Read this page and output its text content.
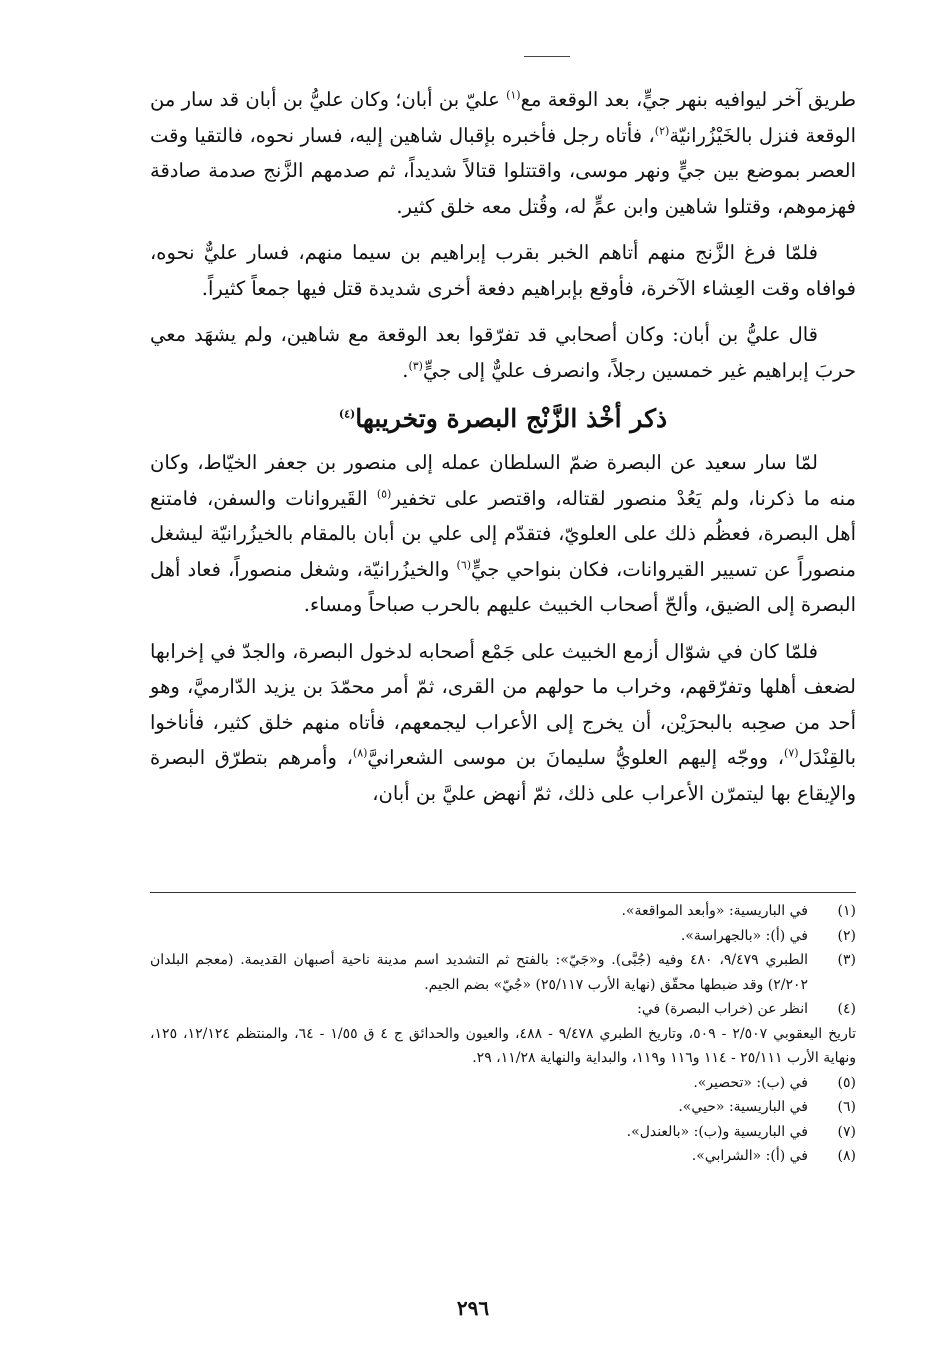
طريق آخر ليوافيه بنهر جيٍّ، بعد الوقعة مع$^{(١)}$ عليّ بن أبان؛ وكان عليُّ بن أبان قد سار من الوقعة فنزل بالخَيْزُرانيّة$^{(٢)}$، فأتاه رجل فأخبره بإقبال شاهين إليه، فسار نحوه، فالتقيا وقت العصر بموضع بين جيٍّ ونهر موسى، واقتتلوا قتالاً شديداً، ثم صدمهم الزَّنج صدمة صادقة فهزموهم، وقتلوا شاهين وابن عمٍّ له، وقُتل معه خلق كثير.

فلمّا فرغ الزَّنج منهم أتاهم الخبر بقرب إبراهيم بن سيما منهم، فسار عليٌّ نحوه، فوافاه وقت العِشاء الآخرة، فأوقع بإبراهيم دفعة أخرى شديدة قتل فيها جمعاً كثيراً.

قال عليُّ بن أبان: وكان أصحابي قد تفرّقوا بعد الوقعة مع شاهين، ولم يشهَد معي حربَ إبراهيم غير خمسين رجلاً، وانصرف عليٌّ إلى جيٍّ$^{(٣)}$.

ذكر أخْذ الزَّنْج البصرة وتخريبها$^{(٤)}$

لمّا سار سعيد عن البصرة ضمّ السلطان عمله إلى منصور بن جعفر الخيّاط، وكان منه ما ذكرنا، ولم يَعُدْ منصور لقتاله، واقتصر على تخفير$^{(٥)}$ القَيروانات والسفن، فامتنع أهل البصرة، فعظُم ذلك على العلويّ، فتقدّم إلى علي بن أبان بالمقام بالخيزُرانيّة ليشغل منصوراً عن تسيير القيروانات، فكان بنواحي جيٍّ$^{(٦)}$ والخيزُرانيّة، وشغل منصوراً، فعاد أهل البصرة إلى الضيق، وألحّ أصحاب الخبيث عليهم بالحرب صباحاً ومساء.

فلمّا كان في شوّال أزمع الخبيث على جَمْع أصحابه لدخول البصرة، والجدّ في إخرابها لضعف أهلها وتفرّقهم، وخراب ما حولهم من القرى، ثمّ أمر محمّدَ بن يزيد الدّارميَّ، وهو أحد من صحِبه بالبحرَيْن، أن يخرج إلى الأعراب ليجمعهم، فأتاه منهم خلق كثير، فأناخوا بالقِنْدَل$^{(٧)}$، ووجّه إليهم العلويُّ سليمانَ بن موسى الشعرانيَّ$^{(٨)}$، وأمرهم بتطرّق البصرة والإيقاع بها ليتمرّن الأعراب على ذلك، ثمّ أنهض عليَّ بن أبان،

(١)
في الباريسية: «وأبعد المواقعة».
(٢)
في (أ): «بالجهراسة».
(٣)
الطبري ٩/٤٧٩، ٤٨٠ وفيه (جُبَّى). و«جَيّ»: بالفتح ثم التشديد اسم مدينة ناحية أصبهان القديمة. (معجم البلدان ٢/٢٠٢) وقد ضبطها محقّق (نهاية الأرب ٢٥/١١٧) «جُيّ» بضم الجيم.
(٤)
انظر عن (خراب البصرة) في:
تاريخ اليعقوبي ٢/٥٠٧ - ٥٠٩، وتاريخ الطبري ٩/٤٧٨ - ٤٨٨، والعيون والحدائق ج ٤ ق ١/٥٥ - ٦٤، والمنتظم ١٢/١٢٤، ١٢٥، ونهاية الأرب ٢٥/١١١ - ١١٤ و١١٦ و١١٩، والبداية والنهاية ١١/٢٨، ٢٩.
(٥)
في (ب): «تحصير».
(٦)
في الباريسية: «حيي».
(٧)
في الباريسية و(ب): «بالعندل».
(٨)
في (أ): «الشرابي».
٢٩٦
